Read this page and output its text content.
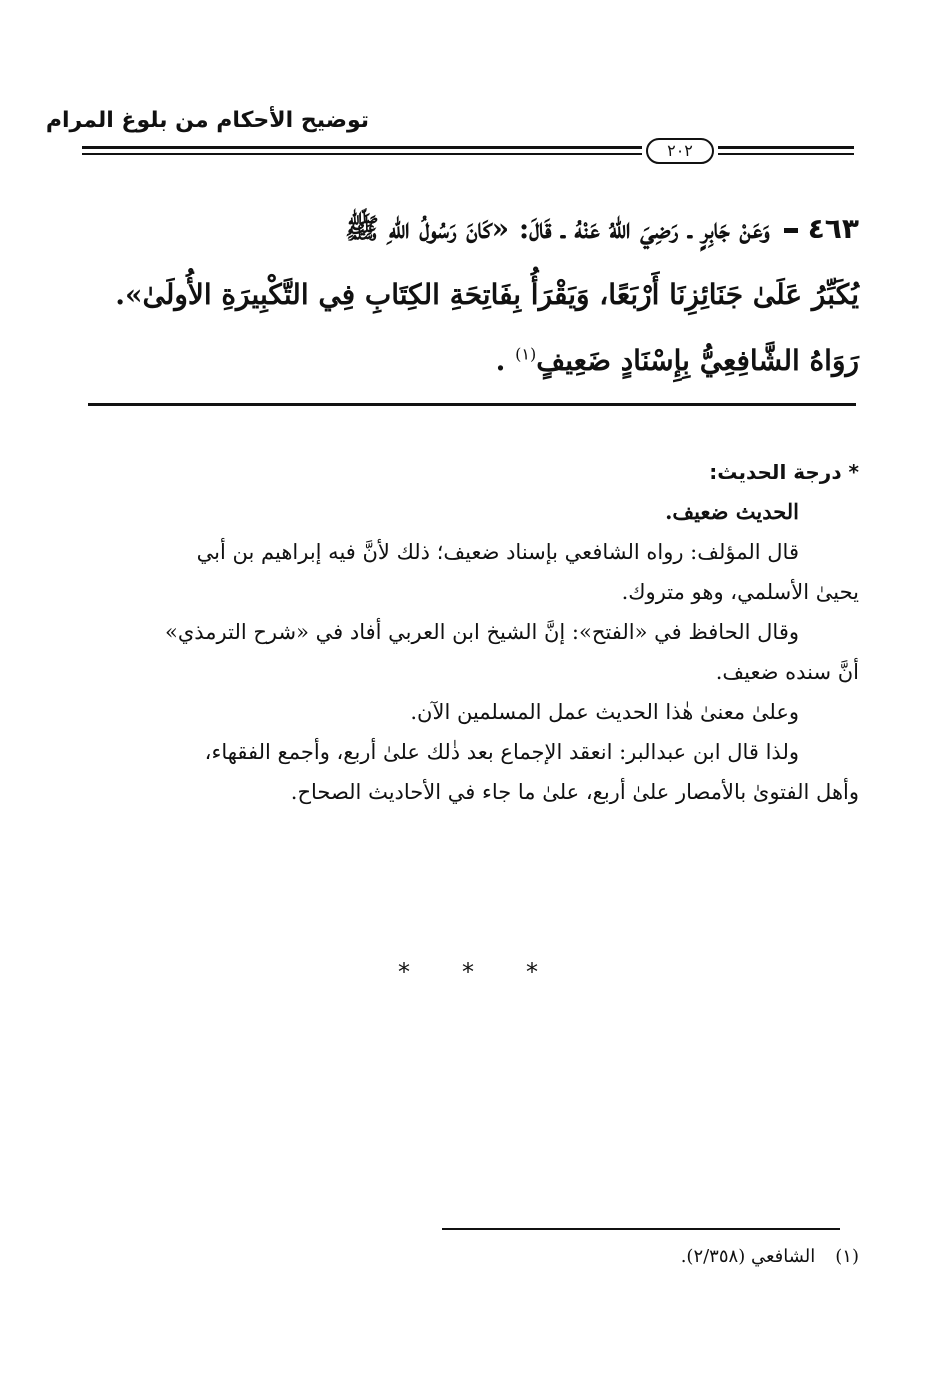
توضيح الأحكام من بلوغ المرام
٢٠٢
٤٦٣وَعَنْ جَابِرٍ ـ رَضِيَ اللهُ عَنْهُ ـ قَالَ: «كَانَ رَسُولُ اللهِ ﷺ
يُكَبِّرُ عَلَىٰ جَنَائِزِنَا أَرْبَعًا، وَيَقْرَأُ بِفَاتِحَةِ الكِتَابِ فِي التَّكْبِيرَةِ الأُولَىٰ».
رَوَاهُ الشَّافِعِيُّ بِإِسْنَادٍ ضَعِيفٍ$^{(١)}$ .
* درجة الحديث:
الحديث ضعيف.
قال المؤلف: رواه الشافعي بإسناد ضعيف؛ ذلك لأنَّ فيه إبراهيم بن أبي
يحيىٰ الأسلمي، وهو متروك.
وقال الحافظ في «الفتح»: إنَّ الشيخ ابن العربي أفاد في «شرح الترمذي»
أنَّ سنده ضعيف.
وعلىٰ معنىٰ هٰذا الحديث عمل المسلمين الآن.
ولذا قال ابن عبدالبر: انعقد الإجماع بعد ذٰلك علىٰ أربع، وأجمع الفقهاء،
وأهل الفتوىٰ بالأمصار علىٰ أربع، علىٰ ما جاء في الأحاديث الصحاح.
* * *
(١)الشافعي (٢/٣٥٨).
